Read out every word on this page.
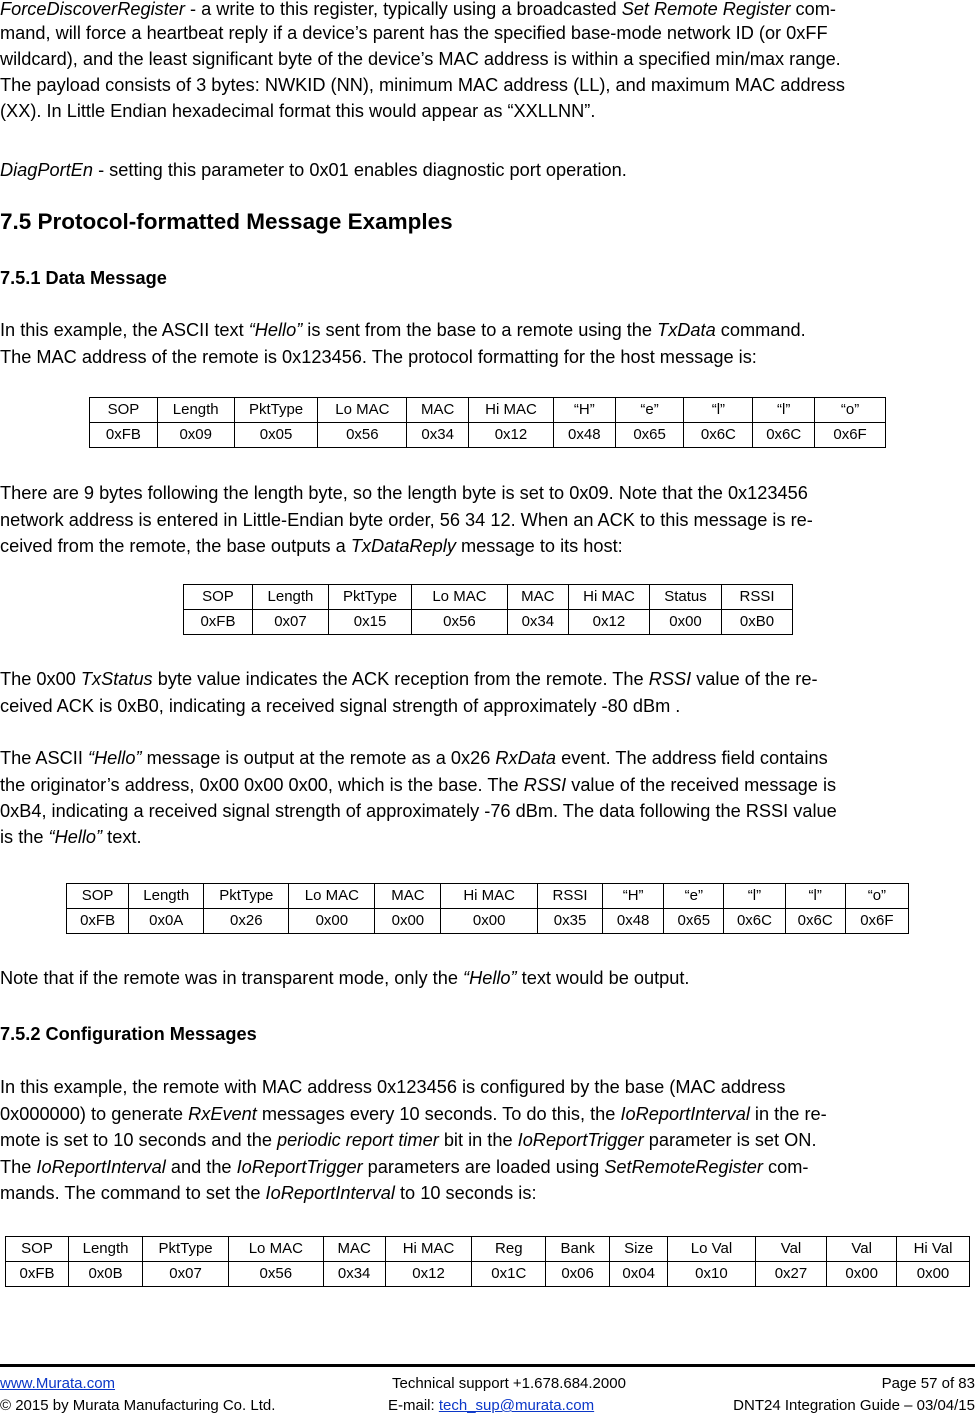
ForceDiscoverRegister - a write to this register, typically using a broadcasted Set Remote Register com-

mand, will force a heartbeat reply if a device’s parent has the specified base-mode network ID (or 0xFF

wildcard), and the least significant byte of the device’s MAC address is within a specified min/max range.

The payload consists of 3 bytes: NWKID (NN), minimum MAC address (LL), and maximum MAC address

(XX). In Little Endian hexadecimal format this would appear as “XXLLNN”.

DiagPortEn - setting this parameter to 0x01 enables diagnostic port operation.

7.5 Protocol-formatted Message Examples
7.5.1 Data Message

In this example, the ASCII text “Hello” is sent from the base to a remote using the TxData command.

The MAC address of the remote is 0x123456. The protocol formatting for the host message is:

SOP	Length	PktType	Lo MAC	MAC	Hi MAC	“H”	“e”	“l”	“l”	“o”
0xFB	0x09	0x05	0x56	0x34	0x12	0x48	0x65	0x6C	0x6C	0x6F

There are 9 bytes following the length byte, so the length byte is set to 0x09. Note that the 0x123456

network address is entered in Little-Endian byte order, 56 34 12. When an ACK to this message is re-

ceived from the remote, the base outputs a TxDataReply message to its host:

SOP	Length	PktType	Lo MAC	MAC	Hi MAC	Status	RSSI
0xFB	0x07	0x15	0x56	0x34	0x12	0x00	0xB0

The 0x00 TxStatus byte value indicates the ACK reception from the remote. The RSSI value of the re-

ceived ACK is 0xB0, indicating a received signal strength of approximately -80 dBm .

The ASCII “Hello” message is output at the remote as a 0x26 RxData event. The address field contains

the originator’s address, 0x00 0x00 0x00, which is the base. The RSSI value of the received message is

0xB4, indicating a received signal strength of approximately -76 dBm. The data following the RSSI value

is the “Hello” text.

SOP	Length	PktType	Lo MAC	MAC	Hi MAC	RSSI	“H”	“e”	“l”	“l”	“o”
0xFB	0x0A	0x26	0x00	0x00	0x00	0x35	0x48	0x65	0x6C	0x6C	0x6F

Note that if the remote was in transparent mode, only the “Hello” text would be output.

7.5.2 Configuration Messages

In this example, the remote with MAC address 0x123456 is configured by the base (MAC address

0x000000) to generate RxEvent messages every 10 seconds. To do this, the IoReportInterval in the re-

mote is set to 10 seconds and the periodic report timer bit in the IoReportTrigger parameter is set ON.

The IoReportInterval and the IoReportTrigger parameters are loaded using SetRemoteRegister com-

mands. The command to set the IoReportInterval to 10 seconds is:

SOP	Length	PktType	Lo MAC	MAC	Hi MAC	Reg	Bank	Size	Lo Val	Val	Val	Hi Val
0xFB	0x0B	0x07	0x56	0x34	0x12	0x1C	0x06	0x04	0x10	0x27	0x00	0x00
www.Murata.com	Technical support +1.678.684.2000	Page 57 of 83
© 2015 by Murata Manufacturing Co. Ltd.	E-mail: tech_sup@murata.com	DNT24 Integration Guide – 03/04/15
